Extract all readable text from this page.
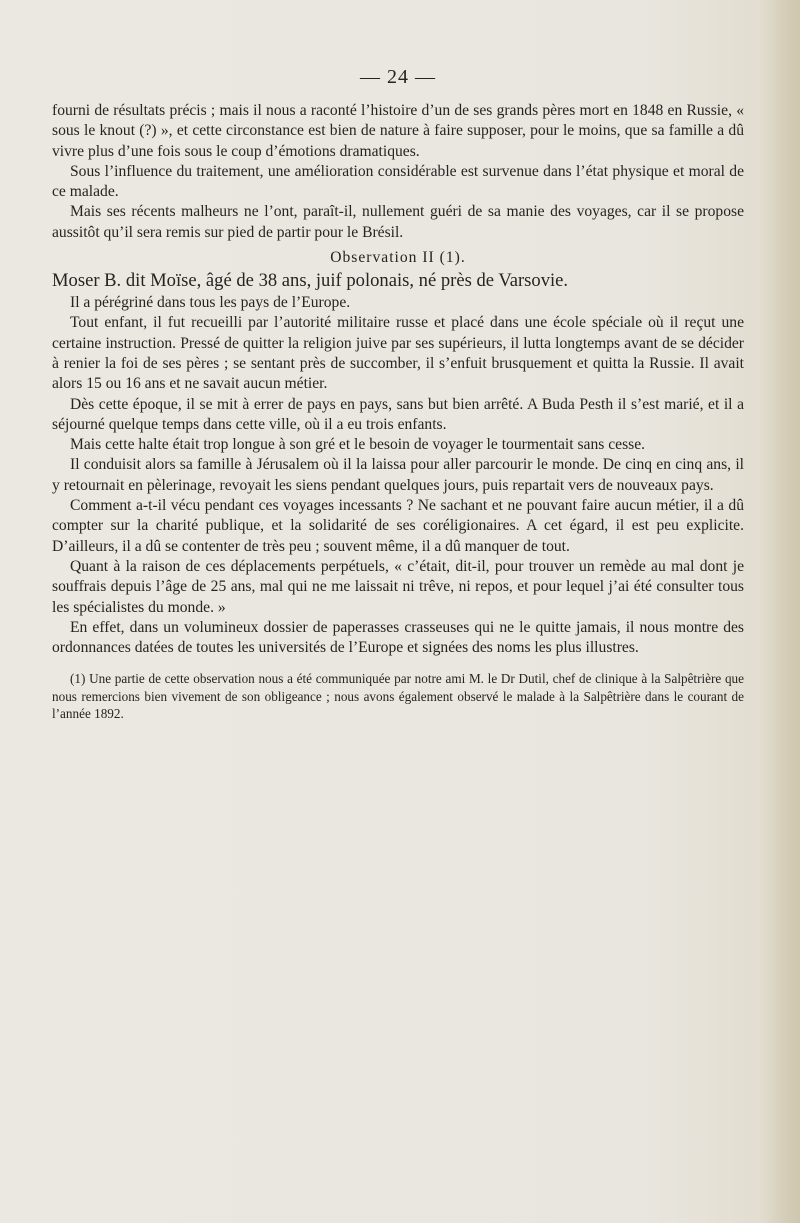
— 24 —

fourni de résultats précis ; mais il nous a raconté l’histoire d’un de ses grands pères mort en 1848 en Russie, « sous le knout (?) », et cette circonstance est bien de nature à faire supposer, pour le moins, que sa famille a dû vivre plus d’une fois sous le coup d’émotions dramatiques.

Sous l’influence du traitement, une amélioration considérable est survenue dans l’état physique et moral de ce malade.

Mais ses récents malheurs ne l’ont, paraît-il, nullement guéri de sa manie des voyages, car il se propose aussitôt qu’il sera remis sur pied de partir pour le Brésil.

Observation II (1).
Moser B. dit Moïse, âgé de 38 ans, juif polonais, né près de Varsovie.

Il a pérégriné dans tous les pays de l’Europe.

Tout enfant, il fut recueilli par l’autorité militaire russe et placé dans une école spéciale où il reçut une certaine instruction. Pressé de quitter la religion juive par ses supérieurs, il lutta longtemps avant de se décider à renier la foi de ses pères ; se sentant près de succomber, il s’enfuit brusquement et quitta la Russie. Il avait alors 15 ou 16 ans et ne savait aucun métier.

Dès cette époque, il se mit à errer de pays en pays, sans but bien arrêté. A Buda Pesth il s’est marié, et il a séjourné quelque temps dans cette ville, où il a eu trois enfants.

Mais cette halte était trop longue à son gré et le besoin de voyager le tourmentait sans cesse.

Il conduisit alors sa famille à Jérusalem où il la laissa pour aller parcourir le monde. De cinq en cinq ans, il y retournait en pèlerinage, revoyait les siens pendant quelques jours, puis repartait vers de nouveaux pays.

Comment a-t-il vécu pendant ces voyages incessants ? Ne sachant et ne pouvant faire aucun métier, il a dû compter sur la charité publique, et la solidarité de ses coréligionaires. A cet égard, il est peu explicite. D’ailleurs, il a dû se contenter de très peu ; souvent même, il a dû manquer de tout.

Quant à la raison de ces déplacements perpétuels, « c’était, dit-il, pour trouver un remède au mal dont je souffrais depuis l’âge de 25 ans, mal qui ne me laissait ni trêve, ni repos, et pour lequel j’ai été consulter tous les spécialistes du monde. »

En effet, dans un volumineux dossier de paperasses crasseuses qui ne le quitte jamais, il nous montre des ordonnances datées de toutes les universités de l’Europe et signées des noms les plus illustres.

(1) Une partie de cette observation nous a été communiquée par notre ami M. le Dr Dutil, chef de clinique à la Salpêtrière que nous remercions bien vivement de son obligeance ; nous avons également observé le malade à la Salpêtrière dans le courant de l’année 1892.
